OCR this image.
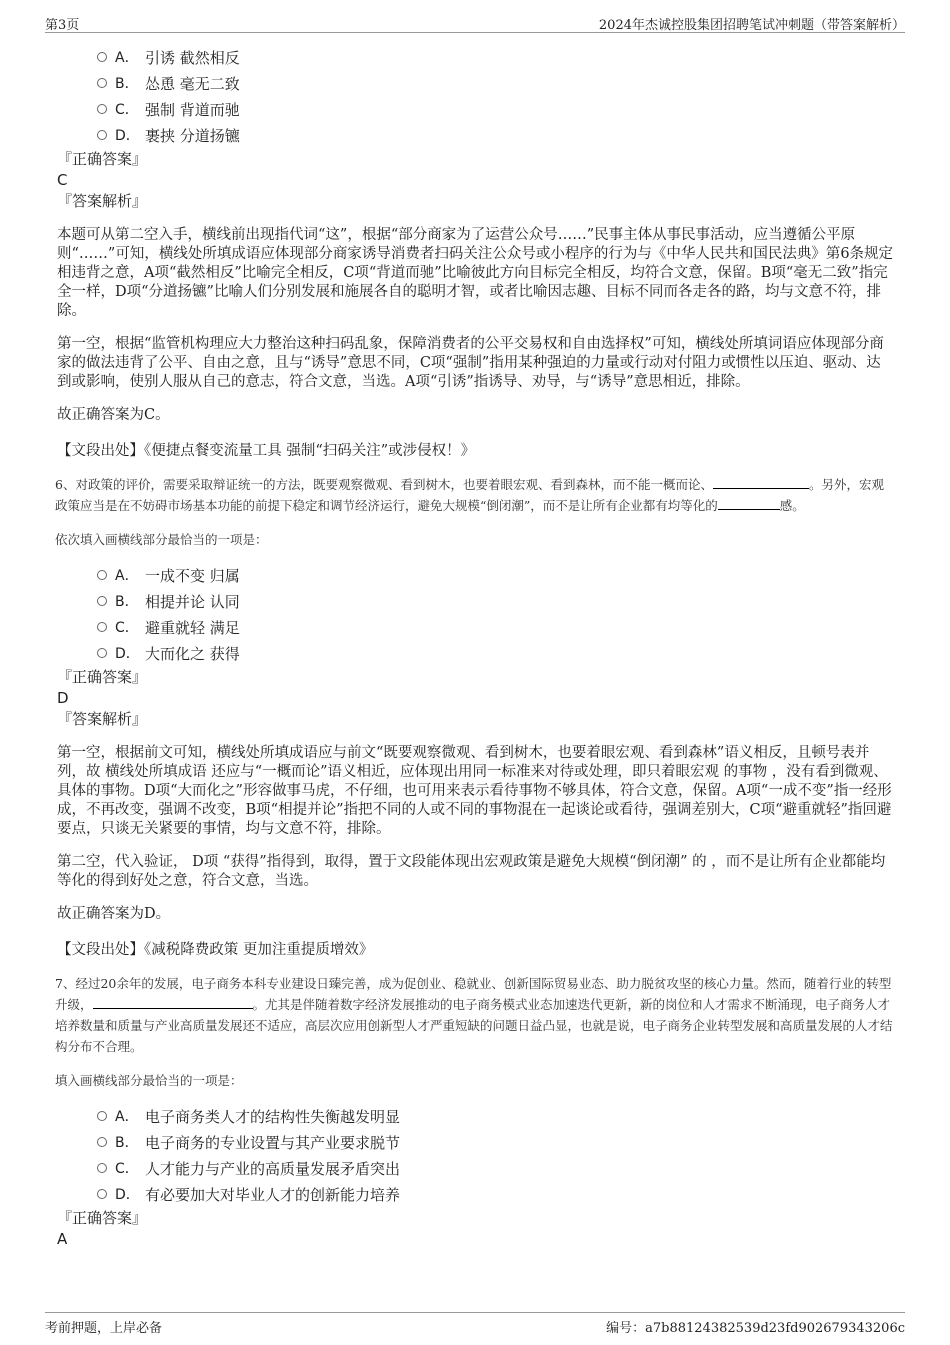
第3页	2024年杰诚控股集团招聘笔试冲刺题（带答案解析）
A． 引诱 截然相反
B． 怂恿 毫无二致
C． 强制 背道而驰
D． 裹挟 分道扬镳
『正确答案』
C
『答案解析』
本题可从第二空入手，横线前出现指代词“这”，根据“部分商家为了运营公众号……”民事主体从事民事活动，应当遵循公平原则“……”可知，横线处所填成语应体现部分商家诱导消费者扫码关注公众号或小程序的行为与《中华人民共和国民法典》第6条规定相违背之意，A项“截然相反”比喻完全相反，C项“背道而驰”比喻彼此方向目标完全相反，均符合文意，保留。B项“毫无二致”指完全一样，D项“分道扬镳”比喻人们分别发展和施展各自的聪明才智，或者比喻因志趣、目标不同而各走各的路，均与文意不符，排除。
第一空，根据“监管机构理应大力整治这种扫码乱象，保障消费者的公平交易权和自由选择权”可知，横线处所填词语应体现部分商家的做法违背了公平、自由之意，且与“诱导”意思不同，C项“强制”指用某种强迫的力量或行动对付阻力或惯性以压迫、驱动、达到或影响，使别人服从自己的意志，符合文意，当选。A项“引诱”指诱导、劝导，与“诱导”意思相近，排除。
故正确答案为C。
【文段出处】《便捷点餐变流量工具 强制“扫码关注”或涉侵权！》
6、对政策的评价，需要采取辩证统一的方法，既要观察微观、看到树木，也要着眼宏观、看到森林，而不能一概而论、	。另外，宏观政策应当是在不妨碍市场基本功能的前提下稳定和调节经济运行，避免大规模“倒闭潮”，而不是让所有企业都有均等化的	感。
依次填入画横线部分最恰当的一项是：
A． 一成不变 归属
B． 相提并论 认同
C． 避重就轻 满足
D． 大而化之 获得
『正确答案』
D
『答案解析』
第一空，根据前文可知，横线处所填成语应与前文“既要观察微观、看到树木，也要着眼宏观、看到森林”语义相反，且顿号表并列，故 横线处所填成语 还应与“一概而论”语义相近，应体现出用同一标准来对待或处理，即只着眼宏观 的事物 ，没有看到微观、具体的事物。D项“大而化之”形容做事马虎，不仔细，也可用来表示看待事物不够具体，符合文意，保留。A项“一成不变”指一经形成，不再改变，强调不改变，B项“相提并论”指把不同的人或不同的事物混在一起谈论或看待，强调差别大，C项“避重就轻”指回避要点，只谈无关紧要的事情，均与文意不符，排除。
第二空，代入验证， D项 “获得”指得到，取得，置于文段能体现出宏观政策是避免大规模“倒闭潮” 的 ，而不是让所有企业都能均等化的得到好处之意，符合文意，当选。
故正确答案为D。
【文段出处】《减税降费政策 更加注重提质增效》
7、经过20余年的发展，电子商务本科专业建设日臻完善，成为促创业、稳就业、创新国际贸易业态、助力脱贫攻坚的核心力量。然而，随着行业的转型升级，	。尤其是伴随着数字经济发展推动的电子商务模式业态加速迭代更新，新的岗位和人才需求不断涌现，电子商务人才培养数量和质量与产业高质量发展还不适应，高层次应用创新型人才严重短缺的问题日益凸显，也就是说，电子商务企业转型发展和高质量发展的人才结构分布不合理。
填入画横线部分最恰当的一项是：
A． 电子商务类人才的结构性失衡越发明显
B． 电子商务的专业设置与其产业要求脱节
C． 人才能力与产业的高质量发展矛盾突出
D． 有必要加大对毕业人才的创新能力培养
『正确答案』
A
考前押题，上岸必备	编号：a7b88124382539d23fd902679343206c
